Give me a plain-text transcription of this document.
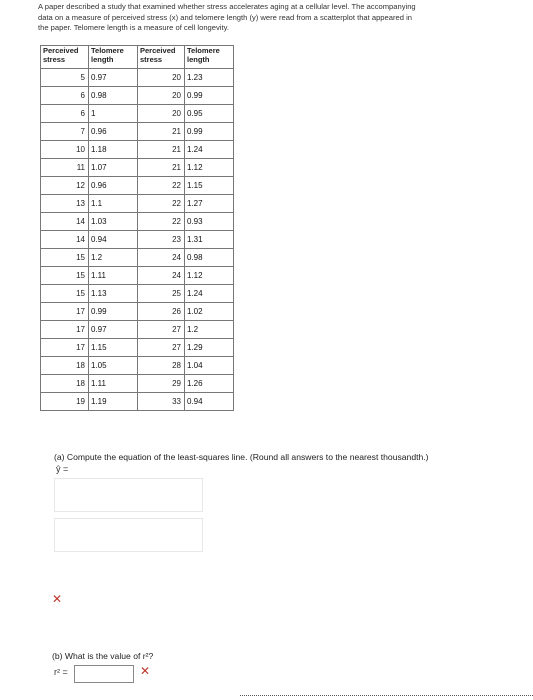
A paper described a study that examined whether stress accelerates aging at a cellular level. The accompanying
data on a measure of perceived stress (x) and telomere length (y) were read from a scatterplot that appeared in
the paper. Telomere length is a measure of cell longevity.
Perceived stress	Telomere length	Perceived stress	Telomere length
5	0.97	20	1.23
6	0.98	20	0.99
6	1	20	0.95
7	0.96	21	0.99
10	1.18	21	1.24
11	1.07	21	1.12
12	0.96	22	1.15
13	1.1	22	1.27
14	1.03	22	0.93
14	0.94	23	1.31
15	1.2	24	0.98
15	1.11	24	1.12
15	1.13	25	1.24
17	0.99	26	1.02
17	0.97	27	1.2
17	1.15	27	1.29
18	1.05	28	1.04
18	1.11	29	1.26
19	1.19	33	0.94
(a) Compute the equation of the least-squares line. (Round all answers to the nearest thousandth.)
ŷ =
✕
(b) What is the value of r²?
r² =	✕
